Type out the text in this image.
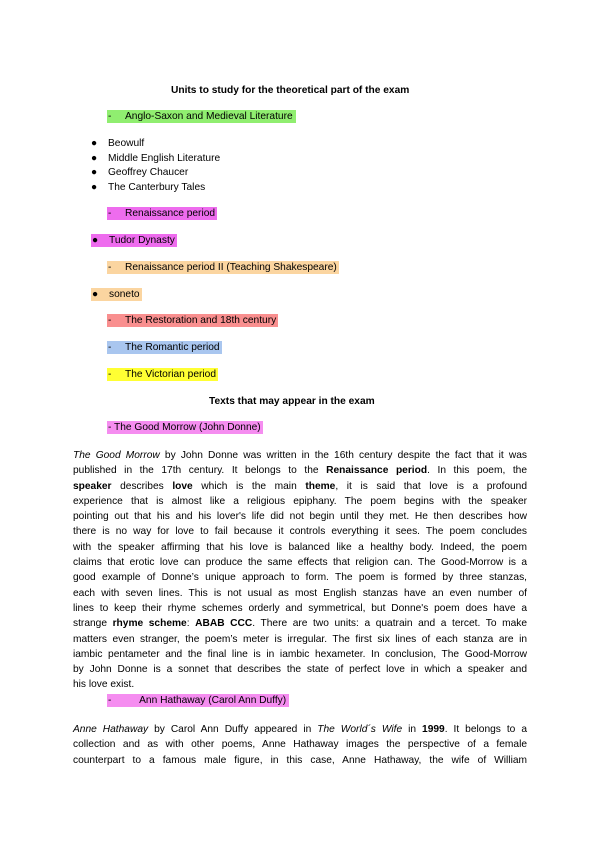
Units to study for the theoretical part of the exam
- Anglo-Saxon and Medieval Literature
● Beowulf
● Middle English Literature
● Geoffrey Chaucer
● The Canterbury Tales
- Renaissance period
● Tudor Dynasty
- Renaissance period II (Teaching Shakespeare)
● soneto
- The Restoration and 18th century
- The Romantic period
- The Victorian period
Texts that may appear in the exam
- The Good Morrow (John Donne)
The Good Morrow by John Donne was written in the 16th century despite the fact that it was
published in the 17th century. It belongs to the Renaissance period. In this poem, the
speaker describes love which is the main theme, it is said that love is a profound
experience that is almost like a religious epiphany. The poem begins with the speaker
pointing out that his and his lover's life did not begin until they met. He then describes how
there is no way for love to fail because it controls everything it sees. The poem concludes
with the speaker affirming that his love is balanced like a healthy body. Indeed, the poem
claims that erotic love can produce the same effects that religion can. The Good-Morrow is a
good example of Donne’s unique approach to form. The poem is formed by three stanzas,
each with seven lines. This is not usual as most English stanzas have an even number of
lines to keep their rhyme schemes orderly and symmetrical, but Donne's poem does have a
strange rhyme scheme: ABAB CCC. There are two units: a quatrain and a tercet. To make
matters even stranger, the poem’s meter is irregular. The first six lines of each stanza are in
iambic pentameter and the final line is in iambic hexameter. In conclusion, The Good-Morrow
by John Donne is a sonnet that describes the state of perfect love in which a speaker and
his love exist.
-          Ann Hathaway (Carol Ann Duffy)
Anne Hathaway by Carol Ann Duffy appeared in The World´s Wife in 1999. It belongs to a
collection and as with other poems, Anne Hathaway images the perspective of a female
counterpart to a famous male figure, in this case, Anne Hathaway, the wife of William
